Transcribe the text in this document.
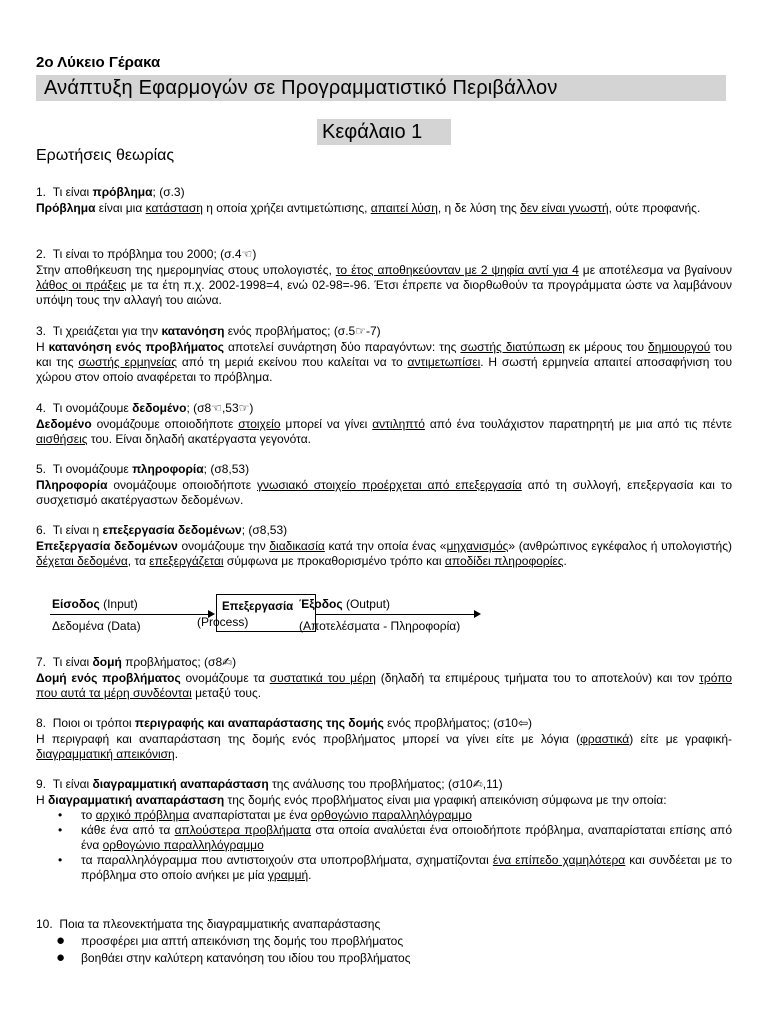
2ο Λύκειο Γέρακα
Ανάπτυξη Εφαρμογών σε Προγραμματιστικό Περιβάλλον
Κεφάλαιο 1
Ερωτήσεις θεωρίας

1. Τι είναι πρόβλημα; (σ.3)

Πρόβλημα είναι μια κατάσταση η οποία χρήζει αντιμετώπισης, απαιτεί λύση, η δε λύση της δεν είναι γνωστή, ούτε προφανής.

2. Τι είναι το πρόβλημα του 2000; (σ.4☜)

Στην αποθήκευση της ημερομηνίας στους υπολογιστές, το έτος αποθηκεύονταν με 2 ψηφία αντί για 4 με αποτέλεσμα να βγαίνουν λάθος οι πράξεις με τα έτη π.χ. 2002-1998=4, ενώ 02-98=-96. Έτσι έπρεπε να διορθωθούν τα προγράμματα ώστε να λαμβάνουν υπόψη τους την αλλαγή του αιώνα.

3. Τι χρειάζεται για την κατανόηση ενός προβλήματος; (σ.5☞-7)

Η κατανόηση ενός προβλήματος αποτελεί συνάρτηση δύο παραγόντων: της σωστής διατύπωση εκ μέρους του δημιουργού του και της σωστής ερμηνείας από τη μεριά εκείνου που καλείται να το αντιμετωπίσει. Η σωστή ερμηνεία απαιτεί αποσαφήνιση του χώρου στον οποίο αναφέρεται το πρόβλημα.

4. Τι ονομάζουμε δεδομένο; (σ8☜,53☞)

Δεδομένο ονομάζουμε οποιοδήποτε στοιχείο μπορεί να γίνει αντιληπτό από ένα τουλάχιστον παρατηρητή με μια από τις πέντε αισθήσεις του. Είναι δηλαδή ακατέργαστα γεγονότα.

5. Τι ονομάζουμε πληροφορία; (σ8,53)

Πληροφορία ονομάζουμε οποιοδήποτε γνωσιακό στοιχείο προέρχεται από επεξεργασία από τη συλλογή, επεξεργασία και το συσχετισμό ακατέργαστων δεδομένων.

6. Τι είναι η επεξεργασία δεδομένων; (σ8,53)

Επεξεργασία δεδομένων ονομάζουμε την διαδικασία κατά την οποία ένας «μηχανισμός» (ανθρώπινος εγκέφαλος ή υπολογιστής) δέχεται δεδομένα, τα επεξεργάζεται σύμφωνα με προκαθορισμένο τρόπο και αποδίδει πληροφορίες.

Είσοδος (Input)
Δεδομένα (Data)
Επεξεργασία
(Process)
Έξοδος (Output)
(Αποτελέσματα - Πληροφορία)

7. Τι είναι δομή προβλήματος; (σ8✍)

Δομή ενός προβλήματος ονομάζουμε τα συστατικά του μέρη (δηλαδή τα επιμέρους τμήματα του το αποτελούν) και τον τρόπο που αυτά τα μέρη συνδέονται μεταξύ τους.

8. Ποιοι οι τρόποι περιγραφής και αναπαράστασης της δομής ενός προβλήματος; (σ10⇦)

Η περιγραφή και αναπαράσταση της δομής ενός προβλήματος μπορεί να γίνει είτε με λόγια (φραστικά) είτε με γραφική-διαγραμματική απεικόνιση.

9. Τι είναι διαγραμματική αναπαράσταση της ανάλυσης του προβλήματος; (σ10✍,11)

Η διαγραμματική αναπαράσταση της δομής ενός προβλήματος είναι μια γραφική απεικόνιση σύμφωνα με την οποία:

• το αρχικό πρόβλημα αναπαρίσταται με ένα ορθογώνιο παραλληλόγραμμο
• κάθε ένα από τα απλούστερα προβλήματα στα οποία αναλύεται ένα οποιοδήποτε πρόβλημα, αναπαρίσταται επίσης από ένα ορθογώνιο παραλληλόγραμμο
• τα παραλληλόγραμμα που αντιστοιχούν στα υποπροβλήματα, σχηματίζονται ένα επίπεδο χαμηλότερα και συνδέεται με το πρόβλημα στο οποίο ανήκει με μία γραμμή.

10. Ποια τα πλεονεκτήματα της διαγραμματικής αναπαράστασης

● προσφέρει μια απτή απεικόνιση της δομής του προβλήματος
● βοηθάει στην καλύτερη κατανόηση του ιδίου του προβλήματος
